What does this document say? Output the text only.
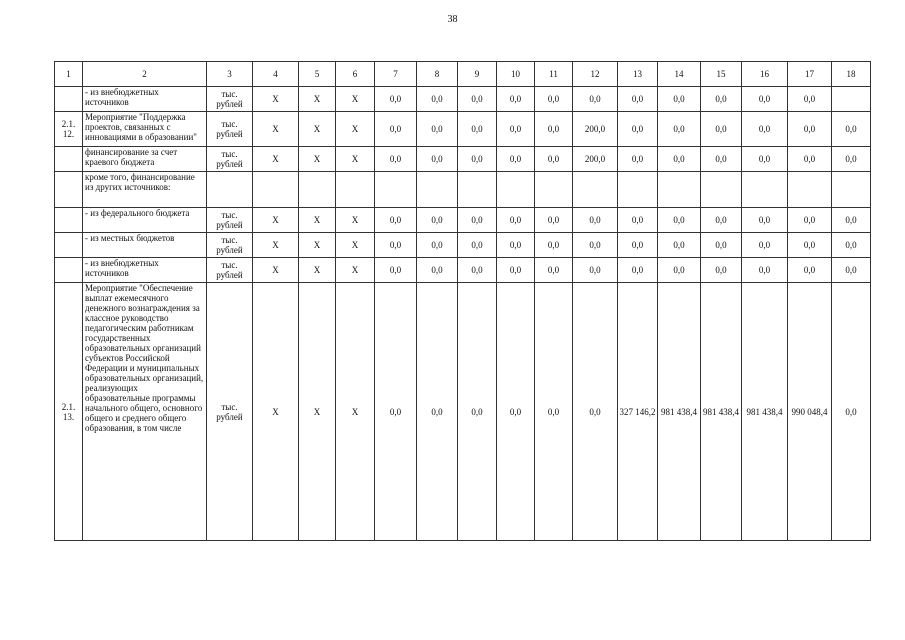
38
1	2	3	4	5	6	7	8	9	10	11	12	13	14	15	16	17	18
	- из внебюджетных источников	тыс. рублей	X	X	X	0,0	0,0	0,0	0,0	0,0	0,0	0,0	0,0	0,0	0,0	0,0	
2.1. 12.	Мероприятие "Поддержка проектов, связанных с инновациями в образовании"	тыс. рублей	X	X	X	0,0	0,0	0,0	0,0	0,0	200,0	0,0	0,0	0,0	0,0	0,0	0,0
	финансирование за счет краевого бюджета	тыс. рублей	X	X	X	0,0	0,0	0,0	0,0	0,0	200,0	0,0	0,0	0,0	0,0	0,0	0,0
	кроме того, финансирование из других источников:																
	- из федерального бюджета	тыс. рублей	X	X	X	0,0	0,0	0,0	0,0	0,0	0,0	0,0	0,0	0,0	0,0	0,0	0,0
	- из местных бюджетов	тыс. рублей	X	X	X	0,0	0,0	0,0	0,0	0,0	0,0	0,0	0,0	0,0	0,0	0,0	0,0
	- из внебюджетных источников	тыс. рублей	X	X	X	0,0	0,0	0,0	0,0	0,0	0,0	0,0	0,0	0,0	0,0	0,0	0,0
2.1. 13.	Мероприятие "Обеспечение выплат ежемесячного денежного вознаграждения за классное руководство педагогическим работникам государственных образовательных организаций субъектов Российской Федерации и муниципальных образовательных организаций, реализующих образовательные программы начального общего, основного общего и среднего общего образования, в том числе	тыс. рублей	X	X	X	0,0	0,0	0,0	0,0	0,0	0,0	327 146,2	981 438,4	981 438,4	981 438,4	990 048,4	0,0
